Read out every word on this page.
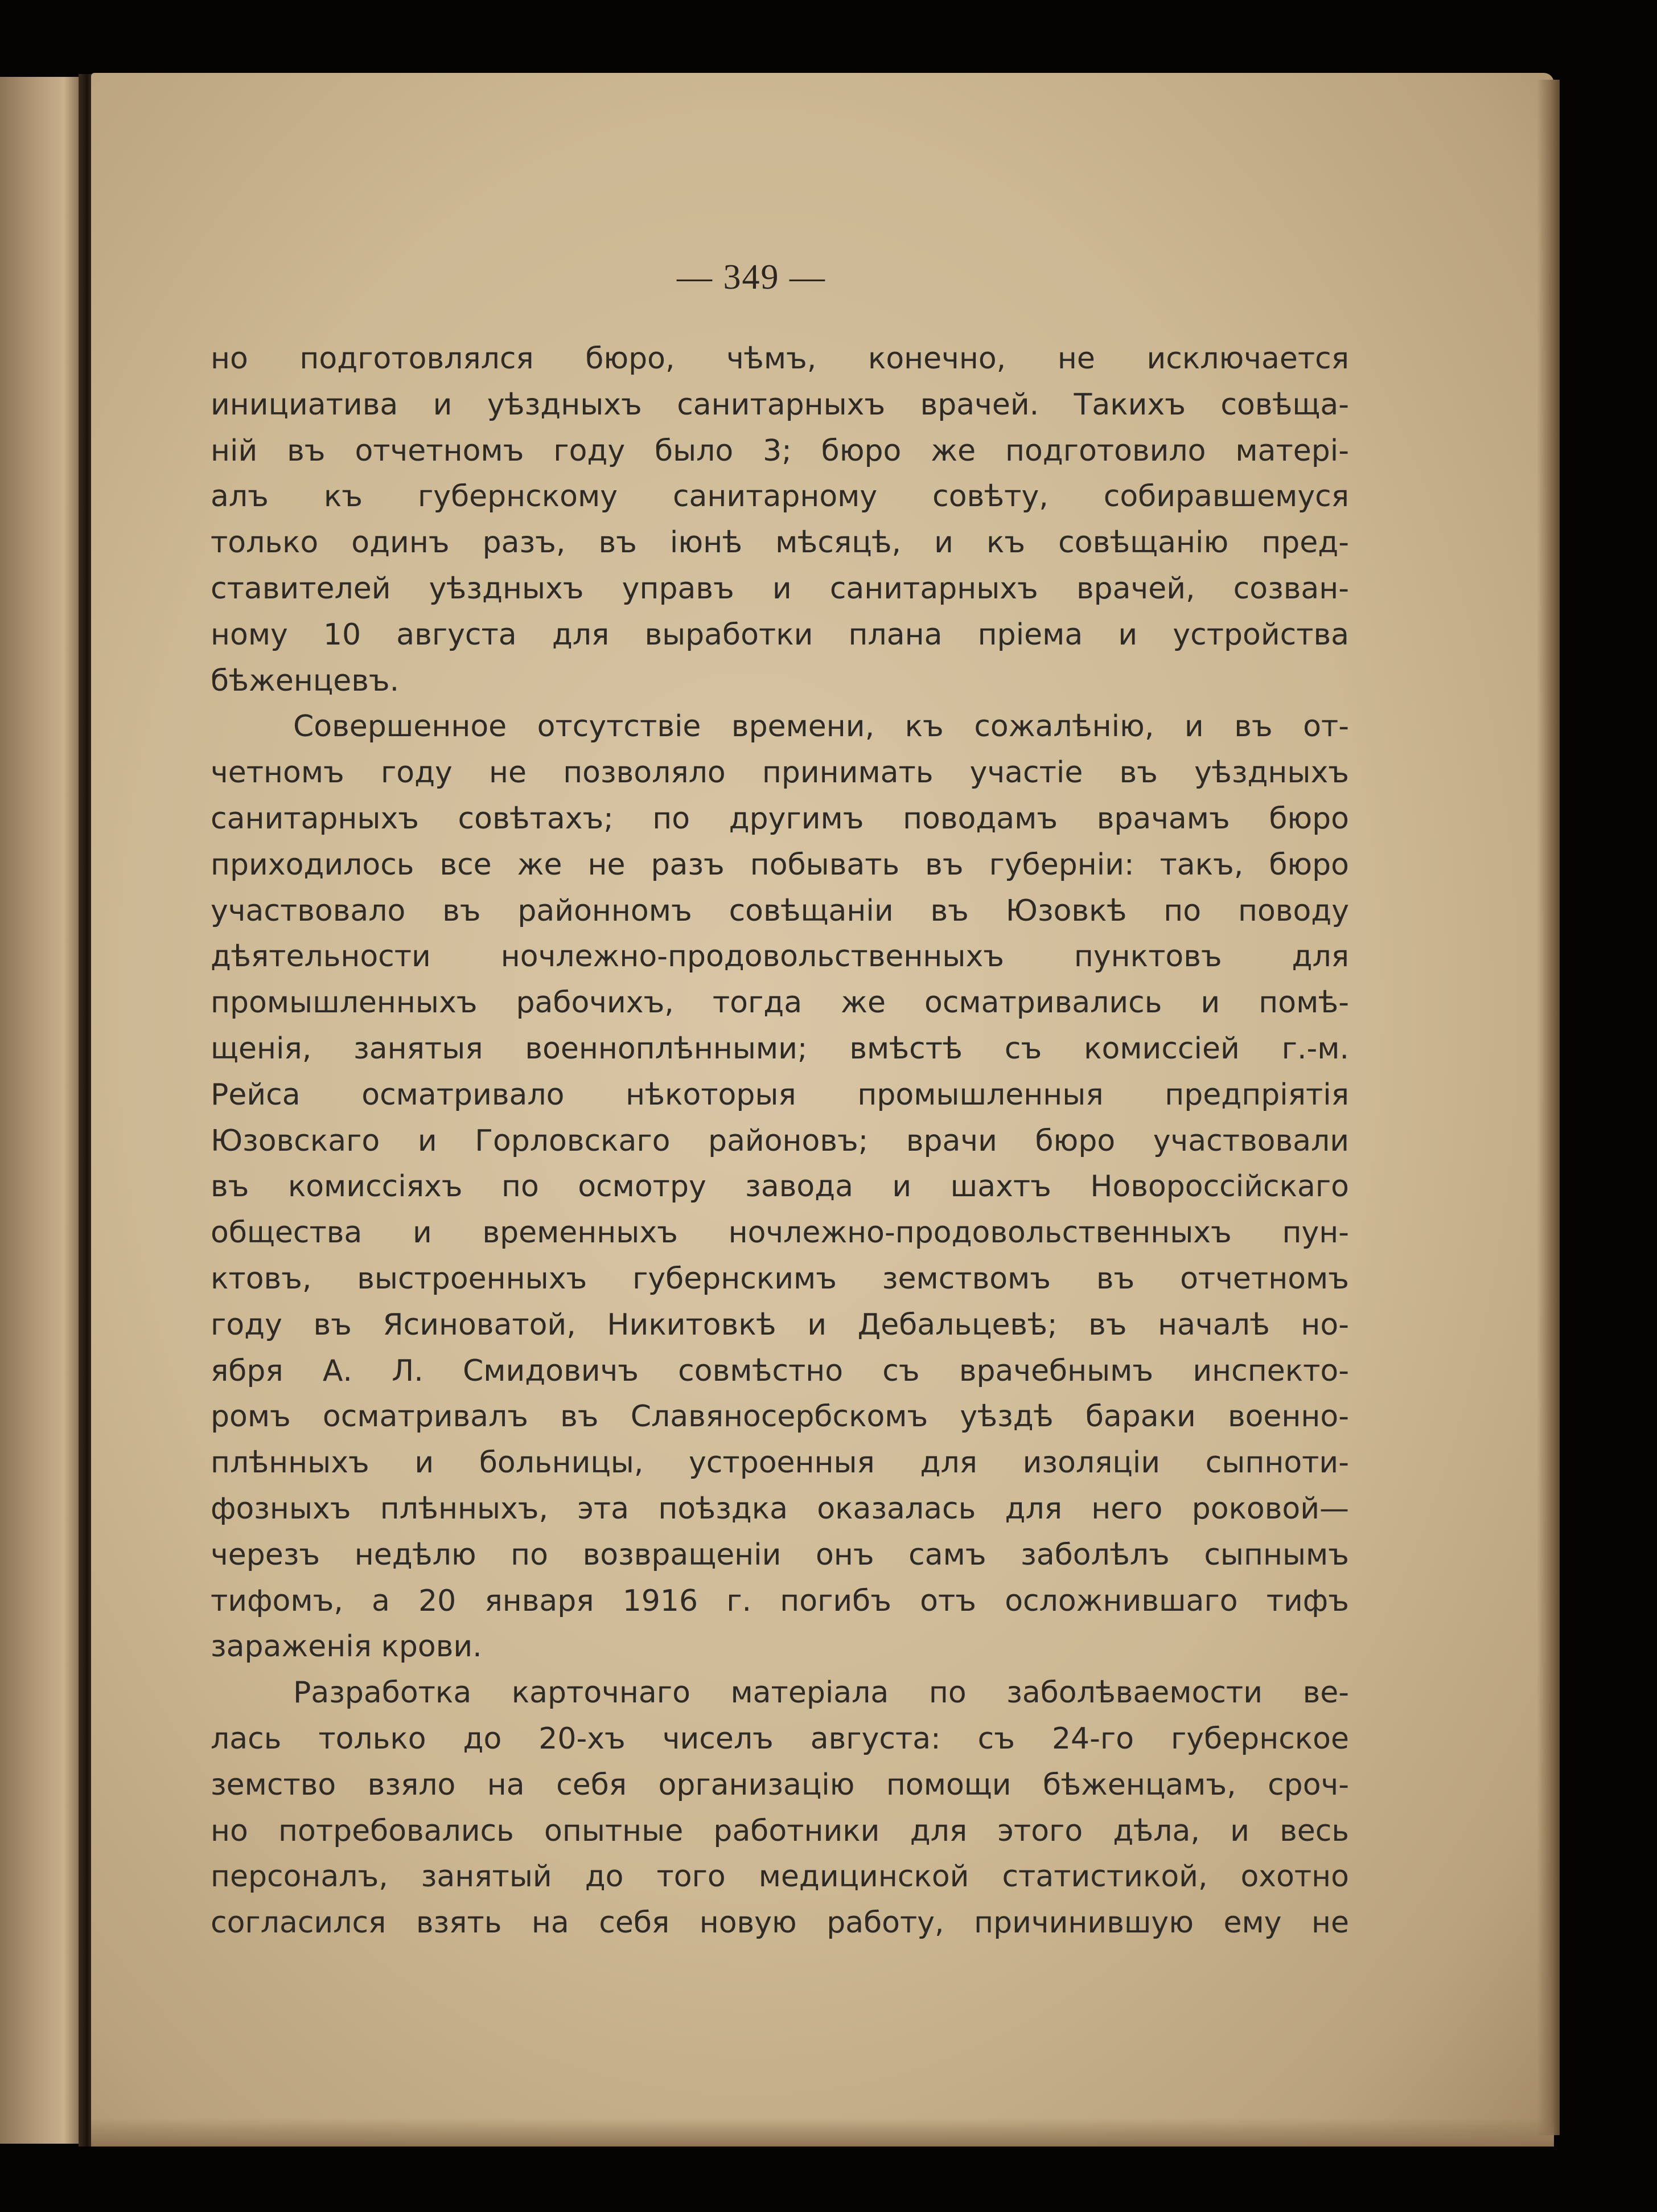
— 349 —
но подготовлялся бюро, чѣмъ, конечно, не исключается
инициатива и уѣздныхъ санитарныхъ врачей. Такихъ совѣща-
ній въ отчетномъ году было 3; бюро же подготовило матерi-
алъ къ губернскому санитарному совѣту, собиравшемуся
только одинъ разъ, въ iюнѣ мѣсяцѣ, и къ совѣщанiю пред-
ставителей уѣздныхъ управъ и санитарныхъ врачей, созван-
ному 10 августа для выработки плана прiема и устройства
бѣженцевъ.
Совершенное отсутствiе времени, къ сожалѣнiю, и въ от-
четномъ году не позволяло принимать участiе въ уѣздныхъ
санитарныхъ совѣтахъ; по другимъ поводамъ врачамъ бюро
приходилось все же не разъ побывать въ губернiи: такъ, бюро
участвовало въ районномъ совѣщанiи въ Юзовкѣ по поводу
дѣятельности ночлежно-продовольственныхъ пунктовъ для
промышленныхъ рабочихъ, тогда же осматривались и помѣ-
щенiя, занятыя военноплѣнными; вмѣстѣ съ комиссiей г.-м.
Рейса осматривало нѣкоторыя промышленныя предпрiятiя
Юзовскаго и Горловскаго районовъ; врачи бюро участвовали
въ комиссiяхъ по осмотру завода и шахтъ Новороссiйскаго
общества и временныхъ ночлежно-продовольственныхъ пун-
ктовъ, выстроенныхъ губернскимъ земствомъ въ отчетномъ
году въ Ясиноватой, Никитовкѣ и Дебальцевѣ; въ началѣ но-
ября А. Л. Смидовичъ совмѣстно съ врачебнымъ инспекто-
ромъ осматривалъ въ Славяносербскомъ уѣздѣ бараки военно-
плѣнныхъ и больницы, устроенныя для изоляцiи сыпноти-
фозныхъ плѣнныхъ, эта поѣздка оказалась для него роковой—
черезъ недѣлю по возвращенiи онъ самъ заболѣлъ сыпнымъ
тифомъ, а 20 января 1916 г. погибъ отъ осложнившаго тифъ
зараженiя крови.
Разработка карточнаго матерiала по заболѣваемости ве-
лась только до 20-хъ чиселъ августа: съ 24-го губернское
земство взяло на себя организацiю помощи бѣженцамъ, сроч-
но потребовались опытные работники для этого дѣла, и весь
персоналъ, занятый до того медицинской статистикой, охотно
согласился взять на себя новую работу, причинившую ему не
